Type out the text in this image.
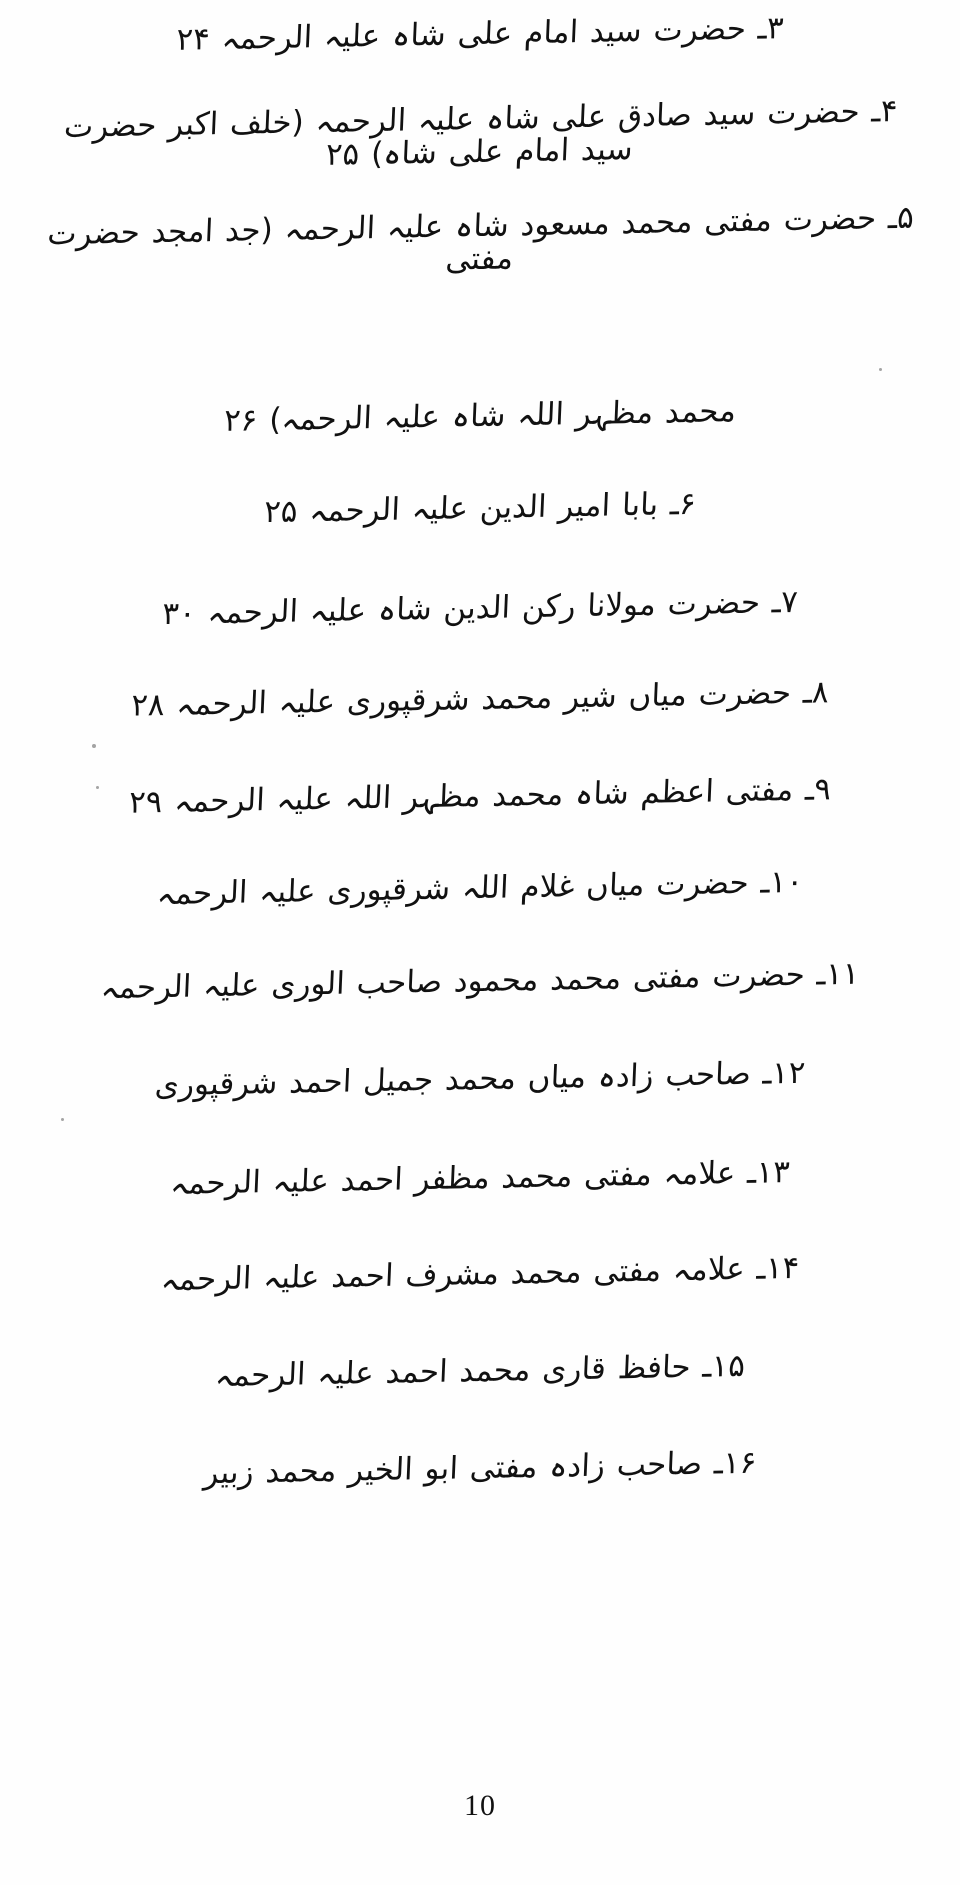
۳ـ حضرت سید امام علی شاہ علیہ الرحمہ ۲۴
۴ـ حضرت سید صادق علی شاہ علیہ الرحمہ (خلف اکبر حضرت سید امام علی شاہ) ۲۵
۵ـ حضرت مفتی محمد مسعود شاہ علیہ الرحمہ (جد امجد حضرت مفتی
محمد مظہر اللہ شاہ علیہ الرحمہ) ۲۶
۶ـ بابا امیر الدین علیہ الرحمہ ۲۵
۷ـ حضرت مولانا رکن الدین شاہ علیہ الرحمہ ۳۰
۸ـ حضرت میاں شیر محمد شرقپوری علیہ الرحمہ ۲۸
۹ـ مفتی اعظم شاہ محمد مظہر اللہ علیہ الرحمہ ۲۹
۱۰ـ حضرت میاں غلام اللہ شرقپوری علیہ الرحمہ
۱۱ـ حضرت مفتی محمد محمود صاحب الوری علیہ الرحمہ
۱۲ـ صاحب زادہ میاں محمد جمیل احمد شرقپوری
۱۳ـ علامہ مفتی محمد مظفر احمد علیہ الرحمہ
۱۴ـ علامہ مفتی محمد مشرف احمد علیہ الرحمہ
۱۵ـ حافظ قاری محمد احمد علیہ الرحمہ
۱۶ـ صاحب زادہ مفتی ابو الخیر محمد زبیر
10
